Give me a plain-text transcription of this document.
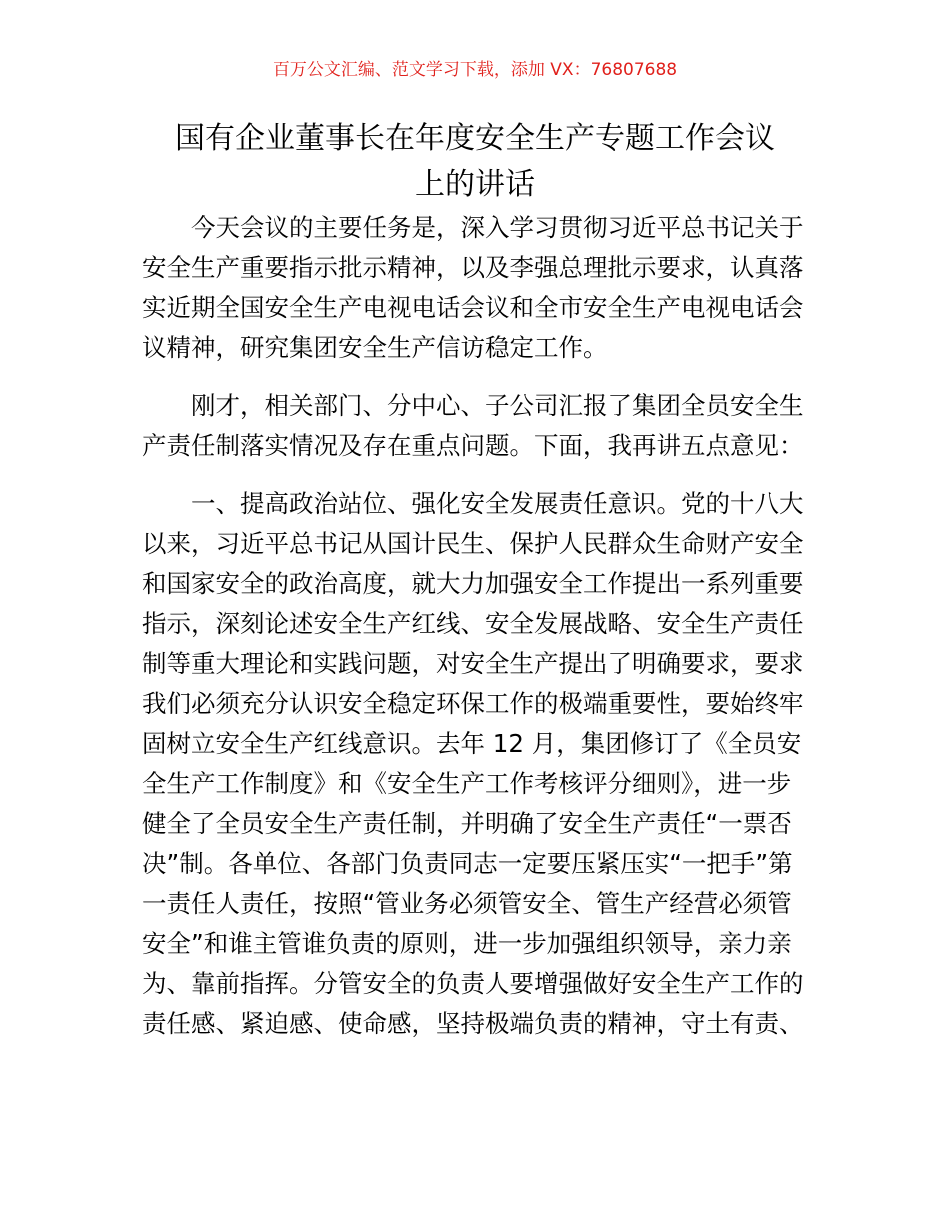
百万公文汇编、范文学习下载，添加 VX：76807688
国有企业董事长在年度安全生产专题工作会议
上的讲话
今天会议的主要任务是，深入学习贯彻习近平总书记关于
安全生产重要指示批示精神，以及李强总理批示要求，认真落
实近期全国安全生产电视电话会议和全市安全生产电视电话会
议精神，研究集团安全生产信访稳定工作。
刚才，相关部门、分中心、子公司汇报了集团全员安全生
产责任制落实情况及存在重点问题。下面，我再讲五点意见：
一、提高政治站位、强化安全发展责任意识。党的十八大
以来，习近平总书记从国计民生、保护人民群众生命财产安全
和国家安全的政治高度，就大力加强安全工作提出一系列重要
指示，深刻论述安全生产红线、安全发展战略、安全生产责任
制等重大理论和实践问题，对安全生产提出了明确要求，要求
我们必须充分认识安全稳定环保工作的极端重要性，要始终牢
固树立安全生产红线意识。去年 12 月，集团修订了《全员安
全生产工作制度》和《安全生产工作考核评分细则》，进一步
健全了全员安全生产责任制，并明确了安全生产责任“一票否
决”制。各单位、各部门负责同志一定要压紧压实“一把手”第
一责任人责任，按照“管业务必须管安全、管生产经营必须管
安全”和谁主管谁负责的原则，进一步加强组织领导，亲力亲
为、靠前指挥。分管安全的负责人要增强做好安全生产工作的
责任感、紧迫感、使命感，坚持极端负责的精神，守土有责、
